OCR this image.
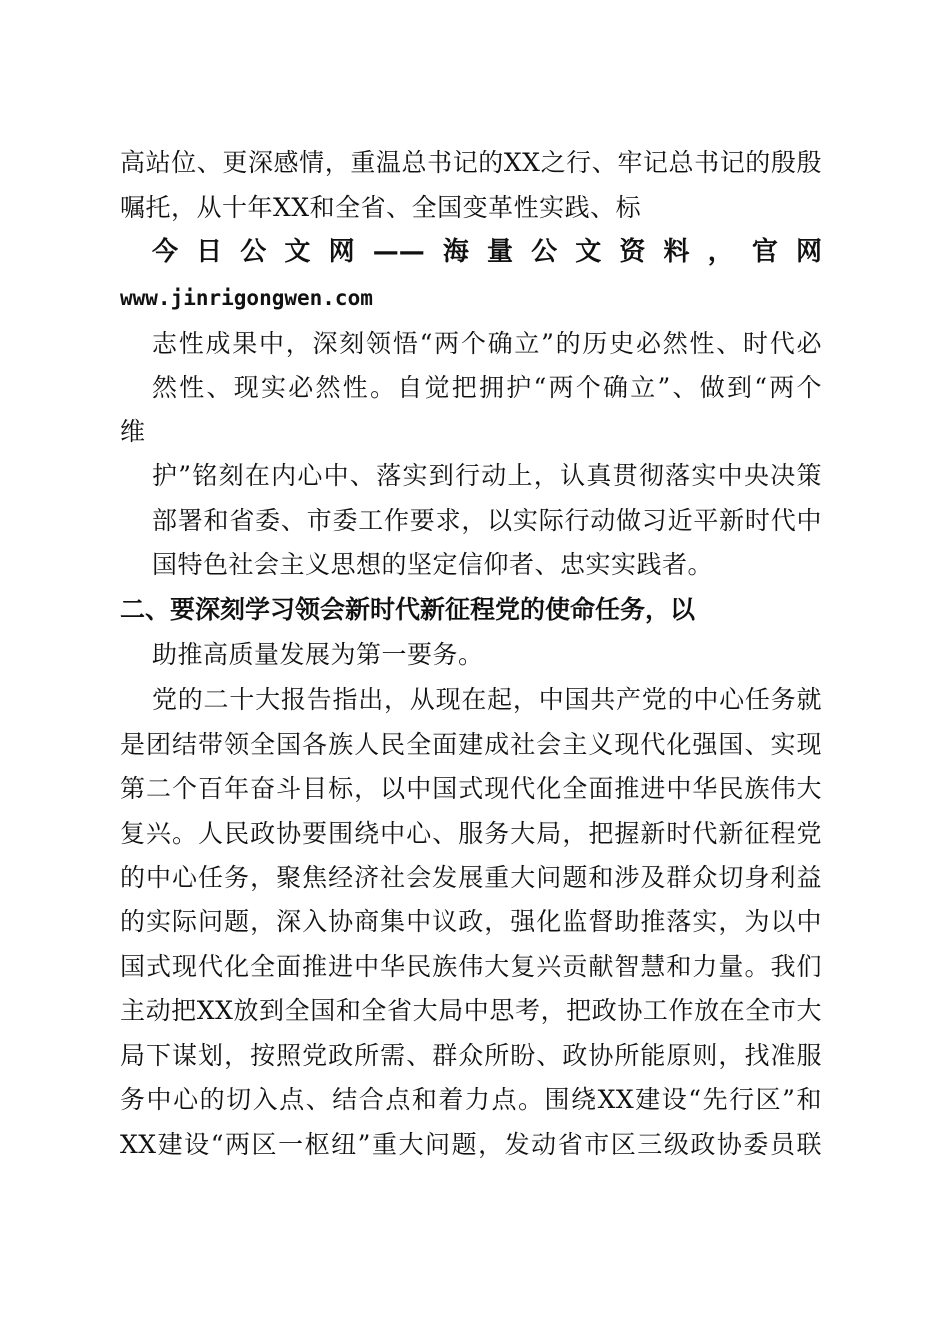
高站位、更深感情，重温总书记的XX之行、牢记总书记的殷殷
嘱托，从十年XX和全省、全国变革性实践、标
今日公文网——海量公文资料，官网
www.jinrigongwen.com
志性成果中，深刻领悟“两个确立”的历史必然性、时代必
然性、现实必然性。自觉把拥护“两个确立”、做到“两个
维
护”铭刻在内心中、落实到行动上，认真贯彻落实中央决策
部署和省委、市委工作要求，以实际行动做习近平新时代中
国特色社会主义思想的坚定信仰者、忠实实践者。
二、要深刻学习领会新时代新征程党的使命任务，以
助推高质量发展为第一要务。
党的二十大报告指出，从现在起，中国共产党的中心任务就
是团结带领全国各族人民全面建成社会主义现代化强国、实现
第二个百年奋斗目标，以中国式现代化全面推进中华民族伟大
复兴。人民政协要围绕中心、服务大局，把握新时代新征程党
的中心任务，聚焦经济社会发展重大问题和涉及群众切身利益
的实际问题，深入协商集中议政，强化监督助推落实，为以中
国式现代化全面推进中华民族伟大复兴贡献智慧和力量。我们
主动把XX放到全国和全省大局中思考，把政协工作放在全市大
局下谋划，按照党政所需、群众所盼、政协所能原则，找准服
务中心的切入点、结合点和着力点。围绕XX建设“先行区”和
XX建设“两区一枢纽”重大问题，发动省市区三级政协委员联
